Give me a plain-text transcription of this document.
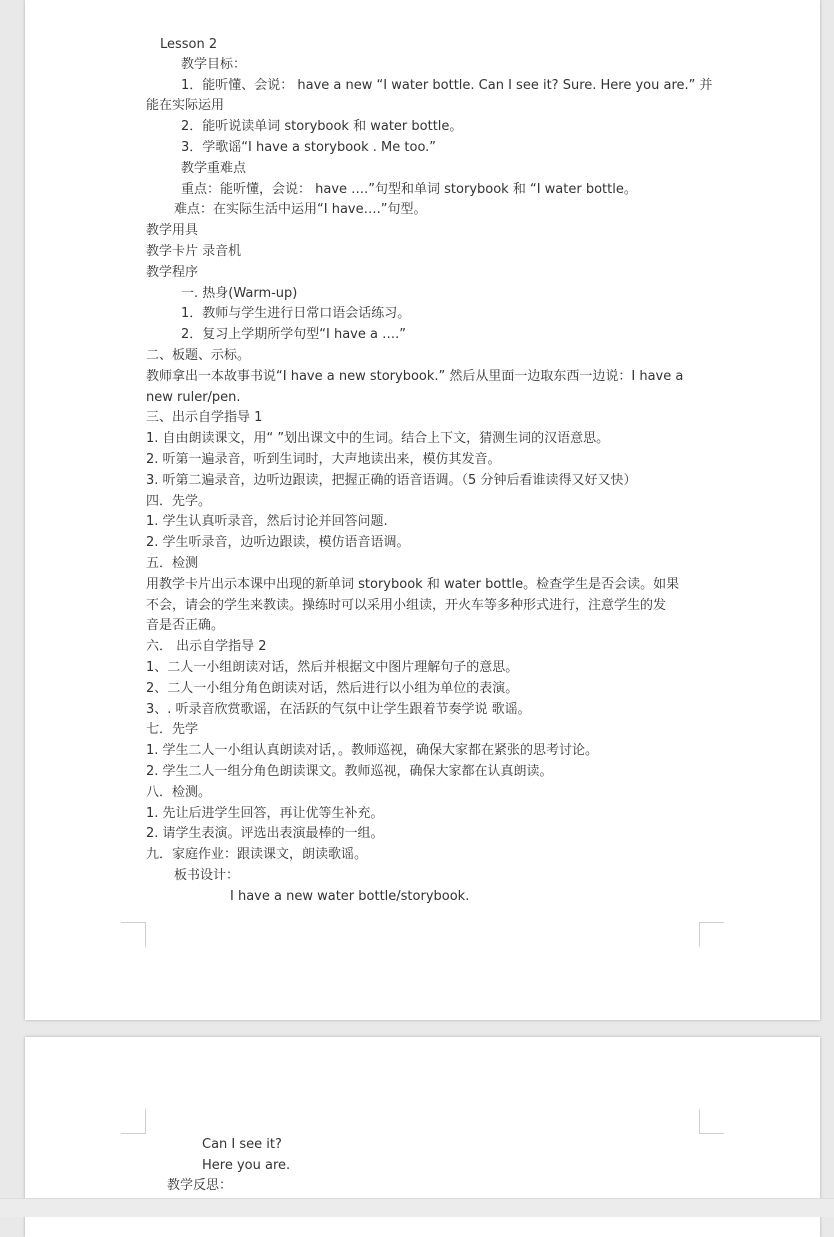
Lesson 2
教学目标：
1．能听懂、会说： have a new “I water bottle. Can I see it? Sure. Here you are.” 并
能在实际运用
2．能听说读单词 storybook 和 water bottle。
3．学歌谣“I have a storybook . Me too.”
教学重难点
重点：能听懂，会说： have ….”句型和单词 storybook 和 “I water bottle。
难点：在实际生活中运用“I have….”句型。
教学用具
教学卡片 录音机
教学程序
一. 热身(Warm-up)
1．教师与学生进行日常口语会话练习。
2．复习上学期所学句型“I have a ….”
二、板题、示标。
教师拿出一本故事书说“I have a new storybook.” 然后从里面一边取东西一边说：I have a
new ruler/pen.
三、出示自学指导 1
1. 自由朗读课文，用“ ”划出课文中的生词。结合上下文，猜测生词的汉语意思。
2. 听第一遍录音，听到生词时，大声地读出来，模仿其发音。
3. 听第二遍录音，边听边跟读，把握正确的语音语调。（5 分钟后看谁读得又好又快）
四．先学。
1. 学生认真听录音，然后讨论并回答问题.
2. 学生听录音，边听边跟读，模仿语音语调。
五．检测
用教学卡片出示本课中出现的新单词 storybook 和 water bottle。检查学生是否会读。如果
不会，请会的学生来教读。操练时可以采用小组读，开火车等多种形式进行，注意学生的发
音是否正确。
六． 出示自学指导 2
1、二人一小组朗读对话，然后并根据文中图片理解句子的意思。
2、二人一小组分角色朗读对话，然后进行以小组为单位的表演。
3、. 听录音欣赏歌谣，在活跃的气氛中让学生跟着节奏学说 歌谣。
七．先学
1. 学生二人一小组认真朗读对话，。教师巡视，确保大家都在紧张的思考讨论。
2. 学生二人一组分角色朗读课文。教师巡视，确保大家都在认真朗读。
八．检测。
1. 先让后进学生回答，再让优等生补充。
2. 请学生表演。评选出表演最棒的一组。
九．家庭作业：跟读课文，朗读歌谣。
板书设计：
I have a new water bottle/storybook.
Can I see it?
Here you are.
教学反思：
